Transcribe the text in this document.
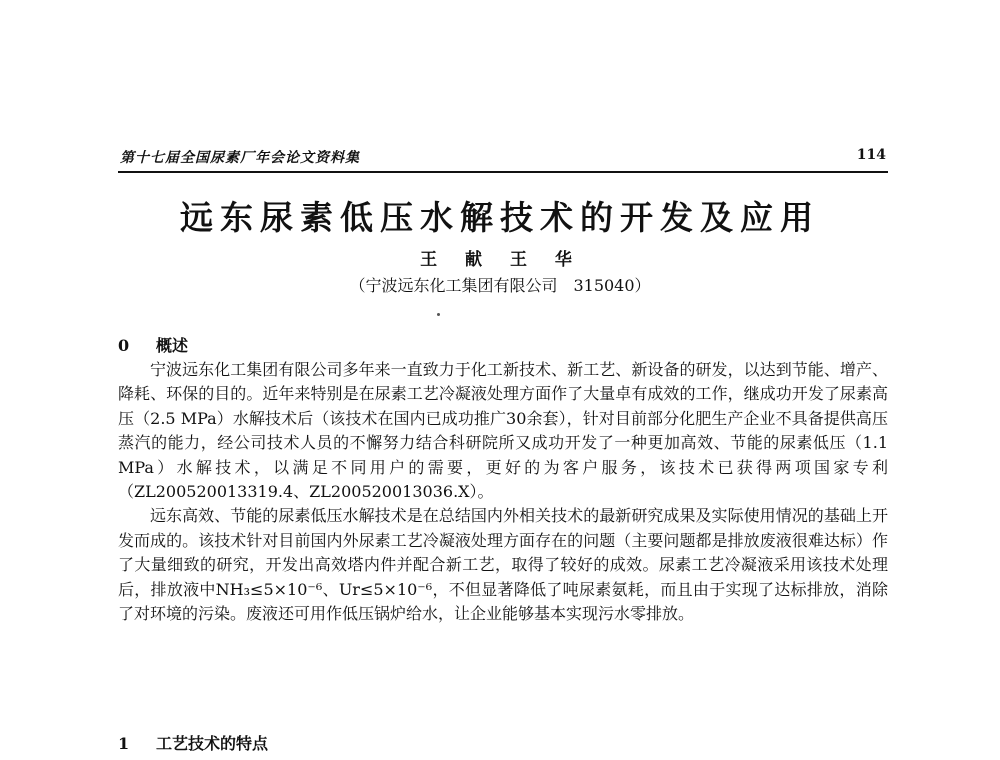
第十七届全国尿素厂年会论文资料集	114
远东尿素低压水解技术的开发及应用
王 献 王 华
（宁波远东化工集团有限公司　315040）
0 概述

宁波远东化工集团有限公司多年来一直致力于化工新技术、新工艺、新设备的研发，以达到节能、增产、降耗、环保的目的。近年来特别是在尿素工艺冷凝液处理方面作了大量卓有成效的工作，继成功开发了尿素高压（2.5 MPa）水解技术后（该技术在国内已成功推广30余套），针对目前部分化肥生产企业不具备提供高压蒸汽的能力，经公司技术人员的不懈努力结合科研院所又成功开发了一种更加高效、节能的尿素低压（1.1 MPa）水解技术，以满足不同用户的需要，更好的为客户服务，该技术已获得两项国家专利（ZL200520013319.4、ZL200520013036.X）。

远东高效、节能的尿素低压水解技术是在总结国内外相关技术的最新研究成果及实际使用情况的基础上开发而成的。该技术针对目前国内外尿素工艺冷凝液处理方面存在的问题（主要问题都是排放废液很难达标）作了大量细致的研究，开发出高效塔内件并配合新工艺，取得了较好的成效。尿素工艺冷凝液采用该技术处理后，排放液中NH₃≤5×10⁻⁶、Ur≤5×10⁻⁶，不但显著降低了吨尿素氨耗，而且由于实现了达标排放，消除了对环境的污染。废液还可用作低压锅炉给水，让企业能够基本实现污水零排放。

1 工艺技术的特点
